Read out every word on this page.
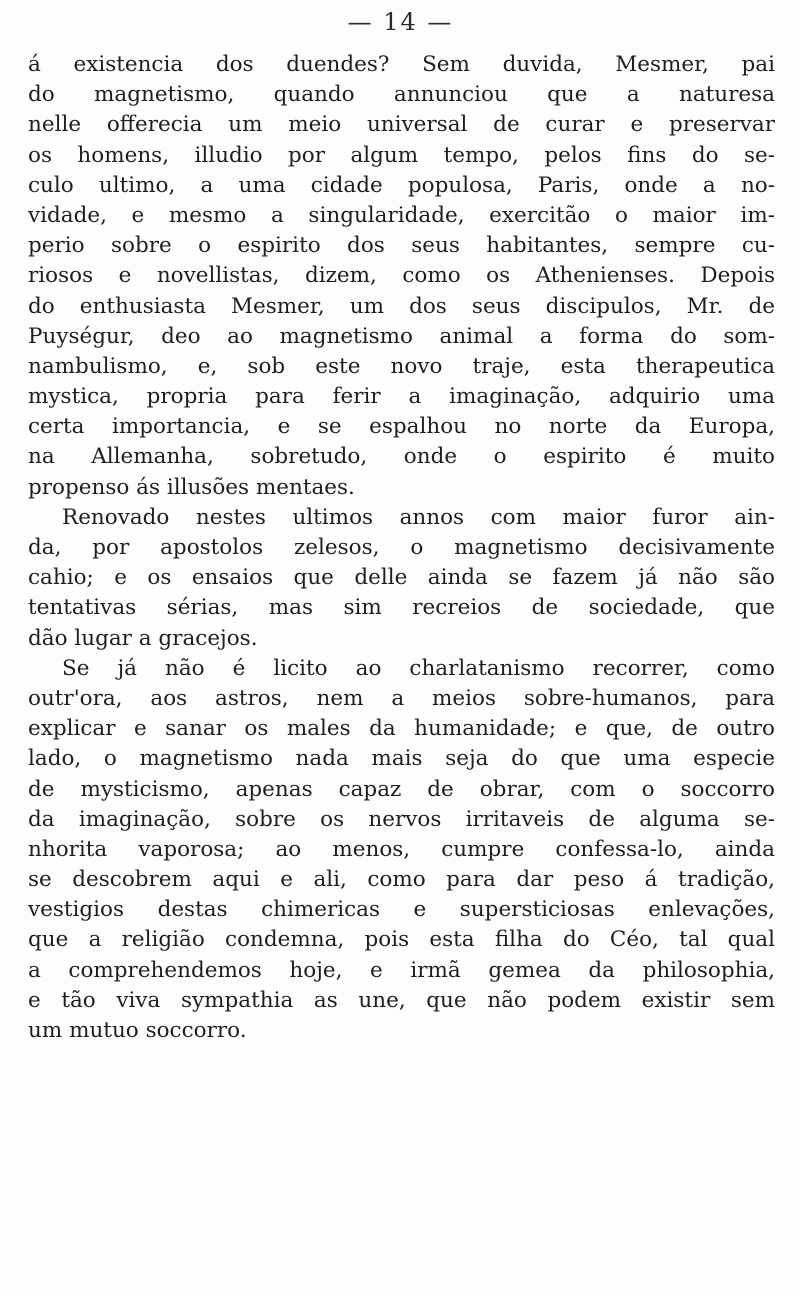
— 14 —
á existencia dos duendes? Sem duvida, Mesmer, pai
do magnetismo, quando annunciou que a naturesa
nelle offerecia um meio universal de curar e preservar
os homens, illudio por algum tempo, pelos fins do se-
culo ultimo, a uma cidade populosa, Paris, onde a no-
vidade, e mesmo a singularidade, exercitão o maior im-
perio sobre o espirito dos seus habitantes, sempre cu-
riosos e novellistas, dizem, como os Athenienses. Depois
do enthusiasta Mesmer, um dos seus discipulos, Mr. de
Puységur, deo ao magnetismo animal a forma do som-
nambulismo, e, sob este novo traje, esta therapeutica
mystica, propria para ferir a imaginação, adquirio uma
certa importancia, e se espalhou no norte da Europa,
na Allemanha, sobretudo, onde o espirito é muito
propenso ás illusões mentaes.
Renovado nestes ultimos annos com maior furor ain-
da, por apostolos zelesos, o magnetismo decisivamente
cahio; e os ensaios que delle ainda se fazem já não são
tentativas sérias, mas sim recreios de sociedade, que
dão lugar a gracejos.
Se já não é licito ao charlatanismo recorrer, como
outr'ora, aos astros, nem a meios sobre-humanos, para
explicar e sanar os males da humanidade; e que, de outro
lado, o magnetismo nada mais seja do que uma especie
de mysticismo, apenas capaz de obrar, com o soccorro
da imaginação, sobre os nervos irritaveis de alguma se-
nhorita vaporosa; ao menos, cumpre confessa-lo, ainda
se descobrem aqui e ali, como para dar peso á tradição,
vestigios destas chimericas e supersticiosas enlevações,
que a religião condemna, pois esta filha do Céo, tal qual
a comprehendemos hoje, e irmã gemea da philosophia,
e tão viva sympathia as une, que não podem existir sem
um mutuo soccorro.
